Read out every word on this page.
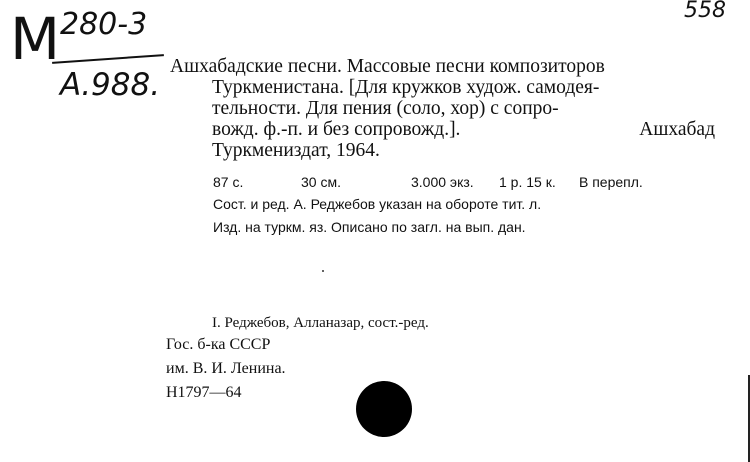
М 280-3
А.988.
558
Ашхабадские песни. Массовые песни композиторов
Туркменистана. [Для кружков худож. самодея-
тельности. Для пения (соло, хор) с сопро-
вожд. ф.-п. и без сопровожд.].	Ашхабад
Туркмениздат, 1964.
87 с.	30 см.	3.000 экз.	1 р. 15 к.	В перепл.
Сост. и ред. А. Реджебов указан на обороте тит. л.
Изд. на туркм. яз. Описано по загл. на вып. дан.
I. Реджебов, Алланазар, сост.-ред.
Гос. б-ка СССР
им. В. И. Ленина.
Н1797—64
